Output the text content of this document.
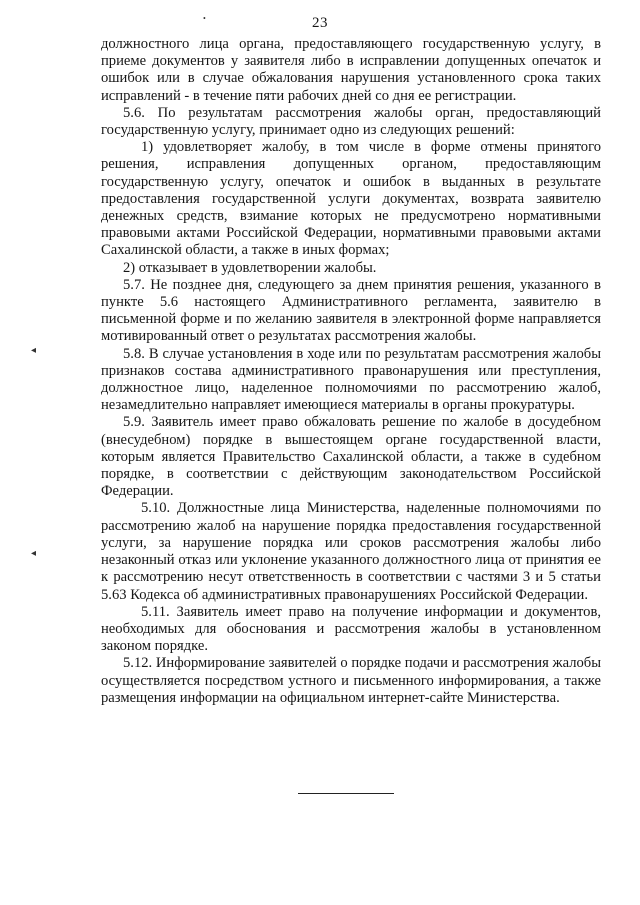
•
◂
◂
23

должностного лица органа, предоставляющего государственную услугу, в приеме документов у заявителя либо в исправлении допущенных опечаток и ошибок или в случае обжалования нарушения установленного срока таких исправлений - в течение пяти рабочих дней со дня ее регистрации.

5.6. По результатам рассмотрения жалобы орган, предоставляющий государственную услугу, принимает одно из следующих решений:

1) удовлетворяет жалобу, в том числе в форме отмены принятого решения, исправления допущенных органом, предоставляющим государственную услугу, опечаток и ошибок в выданных в результате предоставления государственной услуги документах, возврата заявителю денежных средств, взимание которых не предусмотрено нормативными правовыми актами Российской Федерации, нормативными правовыми актами Сахалинской области, а также в иных формах;

2) отказывает в удовлетворении жалобы.

5.7. Не позднее дня, следующего за днем принятия решения, указанного в пункте 5.6 настоящего Административного регламента, заявителю в письменной форме и по желанию заявителя в электронной форме направляется мотивированный ответ о результатах рассмотрения жалобы.

5.8. В случае установления в ходе или по результатам рассмотрения жалобы признаков состава административного правонарушения или преступления, должностное лицо, наделенное полномочиями по рассмотрению жалоб, незамедлительно направляет имеющиеся материалы в органы прокуратуры.

5.9. Заявитель имеет право обжаловать решение по жалобе в досудебном (внесудебном) порядке в вышестоящем органе государственной власти, которым является Правительство Сахалинской области, а также в судебном порядке, в соответствии с действующим законодательством Российской Федерации.

5.10. Должностные лица Министерства, наделенные полномочиями по рассмотрению жалоб на нарушение порядка предоставления государственной услуги, за нарушение порядка или сроков рассмотрения жалобы либо незаконный отказ или уклонение указанного должностного лица от принятия ее к рассмотрению несут ответственность в соответствии с частями 3 и 5 статьи 5.63 Кодекса об административных правонарушениях Российской Федерации.

5.11. Заявитель имеет право на получение информации и документов, необходимых для обоснования и рассмотрения жалобы в установленном законом порядке.

5.12. Информирование заявителей о порядке подачи и рассмотрения жалобы осуществляется посредством устного и письменного информирования, а также размещения информации на официальном интернет-сайте Министерства.
